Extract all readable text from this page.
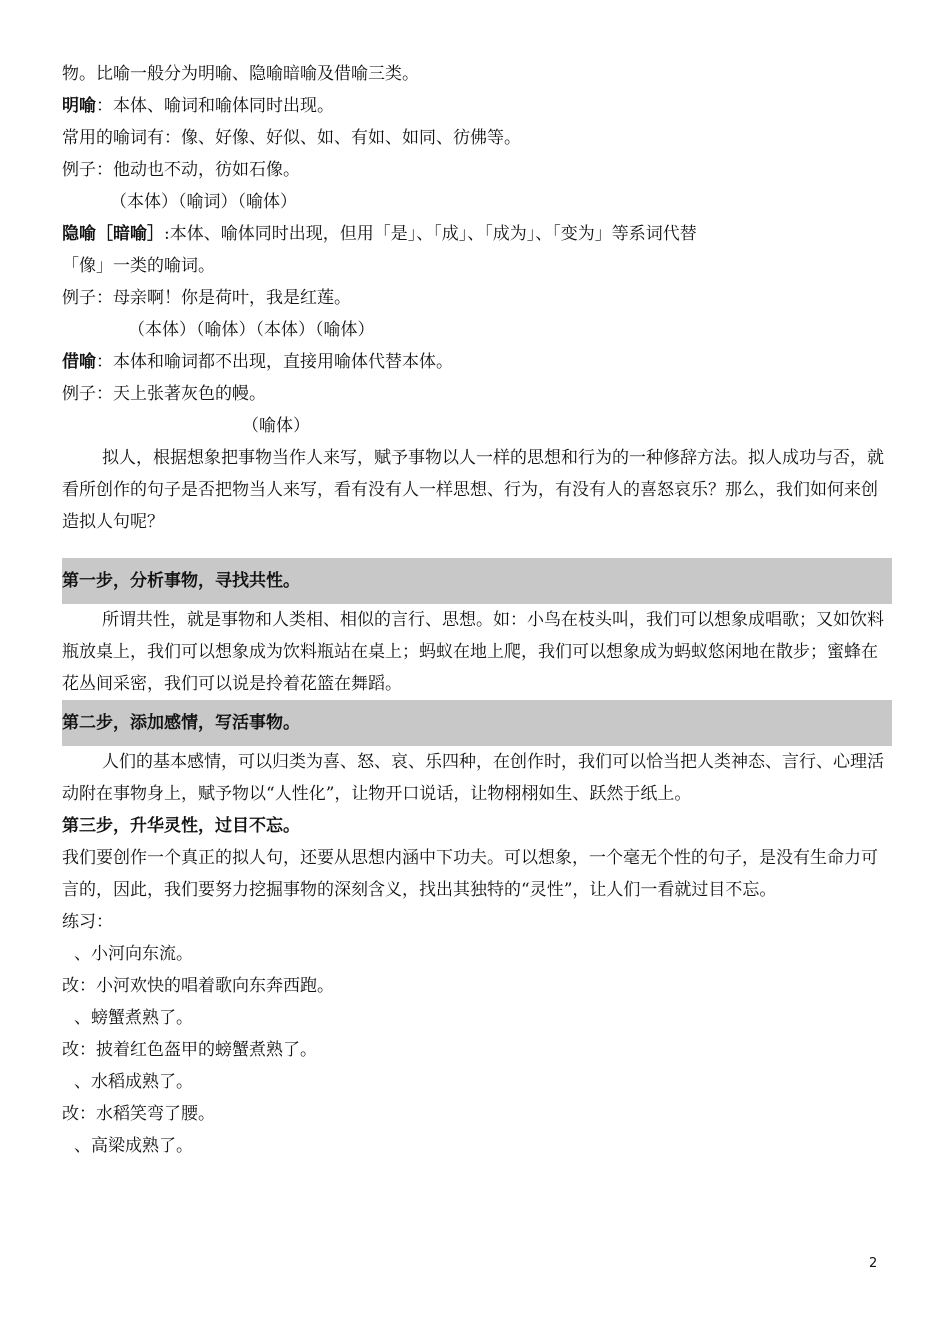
物。比喻一般分为明喻、隐喻暗喻及借喻三类。
明喻：本体、喻词和喻体同时出现。
常用的喻词有：像、好像、好似、如、有如、如同、彷佛等。
例子：他动也不动，彷如石像。
（本体）（喻词）（喻体）
隐喻［暗喻］:本体、喻体同时出现，但用「是」、「成」、「成为」、「变为」等系词代替
「像」一类的喻词。
例子：母亲啊！你是荷叶，我是红莲。
（本体）（喻体）（本体）（喻体）
借喻：本体和喻词都不出现，直接用喻体代替本体。
例子：天上张著灰色的幔。
（喻体）
拟人，根据想象把事物当作人来写，赋予事物以人一样的思想和行为的一种修辞方法。拟人成功与否，就看所创作的句子是否把物当人来写，看有没有人一样思想、行为，有没有人的喜怒哀乐？那么，我们如何来创造拟人句呢？
第一步，分析事物，寻找共性。
所谓共性，就是事物和人类相、相似的言行、思想。如：小鸟在枝头叫，我们可以想象成唱歌；又如饮料瓶放桌上，我们可以想象成为饮料瓶站在桌上；蚂蚁在地上爬，我们可以想象成为蚂蚁悠闲地在散步；蜜蜂在花丛间采密，我们可以说是拎着花篮在舞蹈。
第二步，添加感情，写活事物。
人们的基本感情，可以归类为喜、怒、哀、乐四种，在创作时，我们可以恰当把人类神态、言行、心理活动附在事物身上，赋予物以“人性化”，让物开口说话，让物栩栩如生、跃然于纸上。
第三步，升华灵性，过目不忘。
我们要创作一个真正的拟人句，还要从思想内涵中下功夫。可以想象，一个毫无个性的句子，是没有生命力可言的，因此，我们要努力挖掘事物的深刻含义，找出其独特的“灵性”，让人们一看就过目不忘。
练习：
、小河向东流。
改：小河欢快的唱着歌向东奔西跑。
、螃蟹煮熟了。
改：披着红色盔甲的螃蟹煮熟了。
、水稻成熟了。
改：水稻笑弯了腰。
、高梁成熟了。
2
